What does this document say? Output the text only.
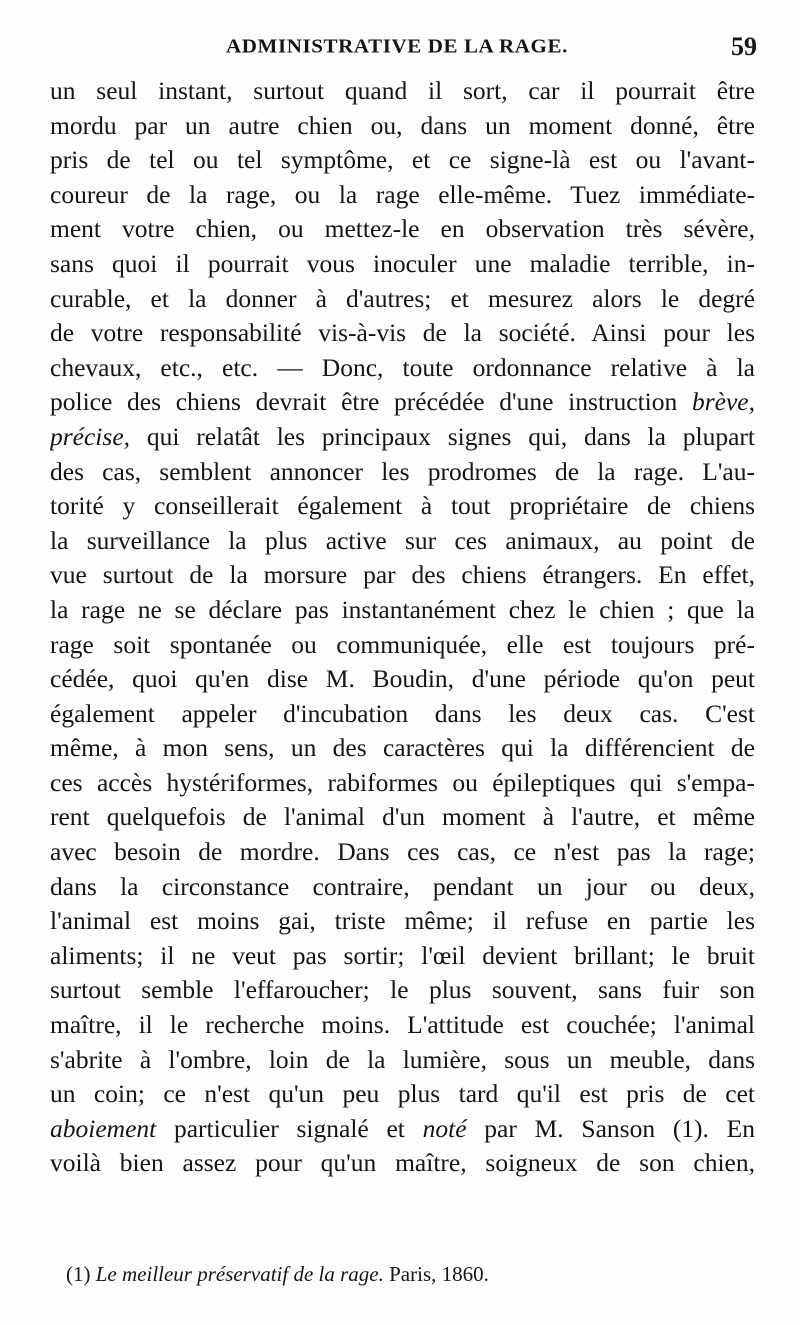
ADMINISTRATIVE DE LA RAGE.	59
un seul instant, surtout quand il sort, car il pourrait être
mordu par un autre chien ou, dans un moment donné, être
pris de tel ou tel symptôme, et ce signe-là est ou l'avant-
coureur de la rage, ou la rage elle-même. Tuez immédiate-
ment votre chien, ou mettez-le en observation très sévère,
sans quoi il pourrait vous inoculer une maladie terrible, in-
curable, et la donner à d'autres; et mesurez alors le degré
de votre responsabilité vis-à-vis de la société. Ainsi pour les
chevaux, etc., etc. — Donc, toute ordonnance relative à la
police des chiens devrait être précédée d'une instruction brève,
précise, qui relatât les principaux signes qui, dans la plupart
des cas, semblent annoncer les prodromes de la rage. L'au-
torité y conseillerait également à tout propriétaire de chiens
la surveillance la plus active sur ces animaux, au point de
vue surtout de la morsure par des chiens étrangers. En effet,
la rage ne se déclare pas instantanément chez le chien ; que la
rage soit spontanée ou communiquée, elle est toujours pré-
cédée, quoi qu'en dise M. Boudin, d'une période qu'on peut
également appeler d'incubation dans les deux cas. C'est
même, à mon sens, un des caractères qui la différencient de
ces accès hystériformes, rabiformes ou épileptiques qui s'empa-
rent quelquefois de l'animal d'un moment à l'autre, et même
avec besoin de mordre. Dans ces cas, ce n'est pas la rage;
dans la circonstance contraire, pendant un jour ou deux,
l'animal est moins gai, triste même; il refuse en partie les
aliments; il ne veut pas sortir; l'œil devient brillant; le bruit
surtout semble l'effaroucher; le plus souvent, sans fuir son
maître, il le recherche moins. L'attitude est couchée; l'animal
s'abrite à l'ombre, loin de la lumière, sous un meuble, dans
un coin; ce n'est qu'un peu plus tard qu'il est pris de cet
aboiement particulier signalé et noté par M. Sanson (1). En
voilà bien assez pour qu'un maître, soigneux de son chien,
(1) Le meilleur préservatif de la rage. Paris, 1860.
